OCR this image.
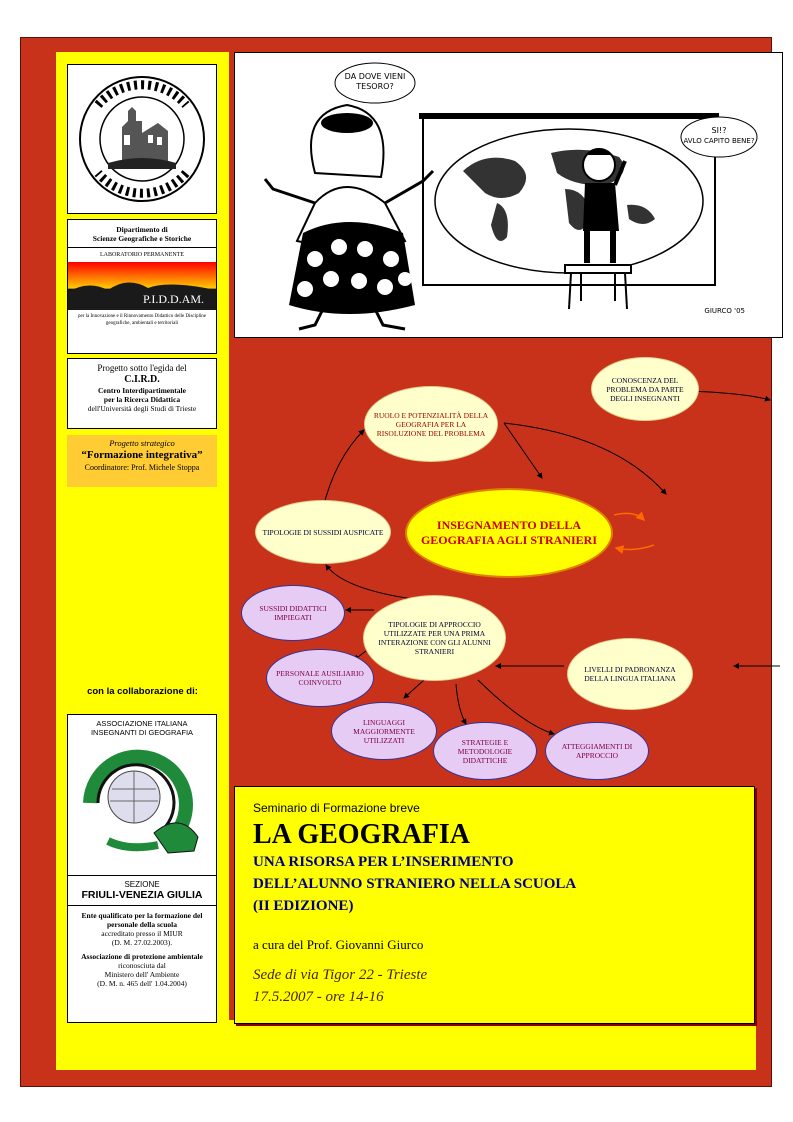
Dipartimento di
Scienze Geografiche e Storiche
LABORATORIO PERMANENTE
P.I.D.D.AM.
per la Innovazione e il Rinnovamento Didattico delle Discipline geografiche, ambientali e territoriali
Progetto sotto l'egida del
C.I.R.D.
Centro Interdipartimentale
per la Ricerca Didattica
dell'Università degli Studi di Trieste
Progetto strategico
“Formazione integrativa”
Coordinatore: Prof. Michele Stoppa
con la collaborazione di:
ASSOCIAZIONE ITALIANA INSEGNANTI DI GEOGRAFIA
SEZIONE
FRIULI-VENEZIA GIULIA
Ente qualificato per la formazione del personale della scuola
accreditato presso il MIUR
(D. M. 27.02.2003).
Associazione di protezione ambientale
riconosciuta dal
Ministero dell' Ambiente
(D. M. n. 465 dell' 1.04.2004)
DA DOVE VIENI
TESORO?
SI!?
AVLO CAPITO BENE?
GIURCO '05
CONOSCENZA DEL PROBLEMA DA PARTE DEGLI INSEGNANTI
RUOLO E POTENZIALITÀ DELLA GEOGRAFIA PER LA RISOLUZIONE DEL PROBLEMA
INSEGNAMENTO DELLA GEOGRAFIA AGLI STRANIERI
TIPOLOGIE DI SUSSIDI AUSPICATE
TIPOLOGIE DI APPROCCIO UTILIZZATE PER UNA PRIMA INTERAZIONE CON GLI ALUNNI STRANIERI
LIVELLI DI PADRONANZA DELLA LINGUA ITALIANA
SUSSIDI DIDATTICI IMPIEGATI
PERSONALE AUSILIARIO COINVOLTO
LINGUAGGI MAGGIORMENTE UTILIZZATI	STRATEGIE E METODOLOGIE DIDATTICHE
ATTEGGIAMENTI DI APPROCCIO
Seminario di Formazione breve
LA GEOGRAFIA
UNA RISORSA PER L’INSERIMENTO
DELL’ALUNNO STRANIERO NELLA SCUOLA
(II EDIZIONE)
a cura del Prof. Giovanni Giurco
Sede di via Tigor 22 - Trieste
17.5.2007 - ore 14-16
